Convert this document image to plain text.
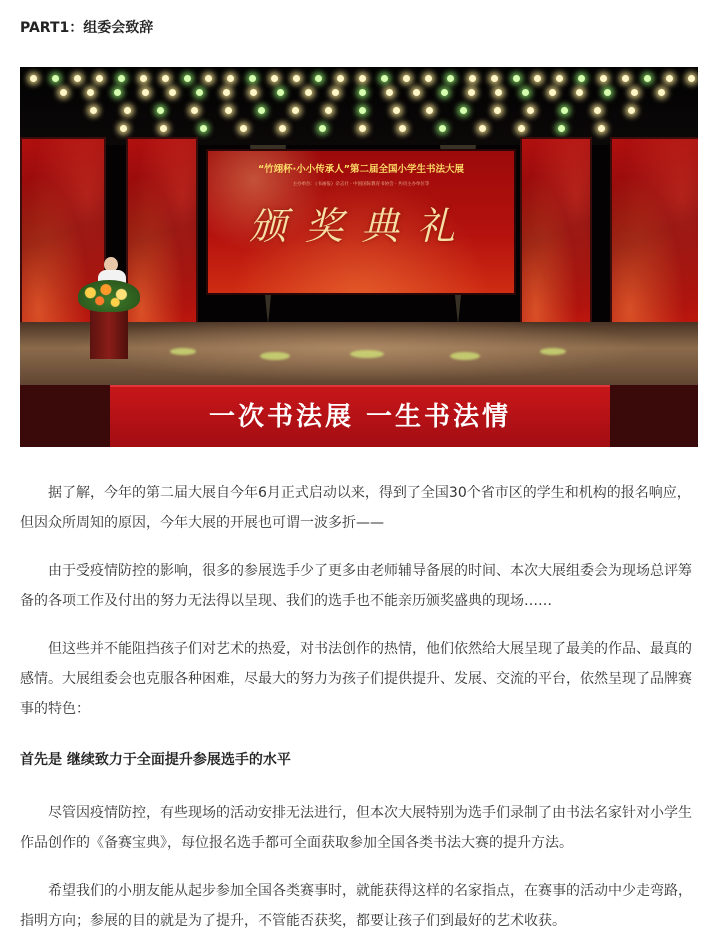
PART1：组委会致辞
“竹翊杯·小小传承人”第二届全国小学生书法大展
主办单位：《书画报》杂志社 · 中国国际教育书协会 · 共同主办单位等
颁奖典礼
一次书法展 一生书法情

据了解，今年的第二届大展自今年6月正式启动以来，得到了全国30个省市区的学生和机构的报名响应，但因众所周知的原因，今年大展的开展也可谓一波多折——

由于受疫情防控的影响，很多的参展选手少了更多由老师辅导备展的时间、本次大展组委会为现场总评筹备的各项工作及付出的努力无法得以呈现、我们的选手也不能亲历颁奖盛典的现场……

但这些并不能阻挡孩子们对艺术的热爱，对书法创作的热情，他们依然给大展呈现了最美的作品、最真的感情。大展组委会也克服各种困难，尽最大的努力为孩子们提供提升、发展、交流的平台，依然呈现了品牌赛事的特色：

首先是 继续致力于全面提升参展选手的水平

尽管因疫情防控，有些现场的活动安排无法进行，但本次大展特别为选手们录制了由书法名家针对小学生作品创作的《备赛宝典》，每位报名选手都可全面获取参加全国各类书法大赛的提升方法。

希望我们的小朋友能从起步参加全国各类赛事时，就能获得这样的名家指点，在赛事的活动中少走弯路，指明方向；参展的目的就是为了提升，不管能否获奖，都要让孩子们到最好的艺术收获。
